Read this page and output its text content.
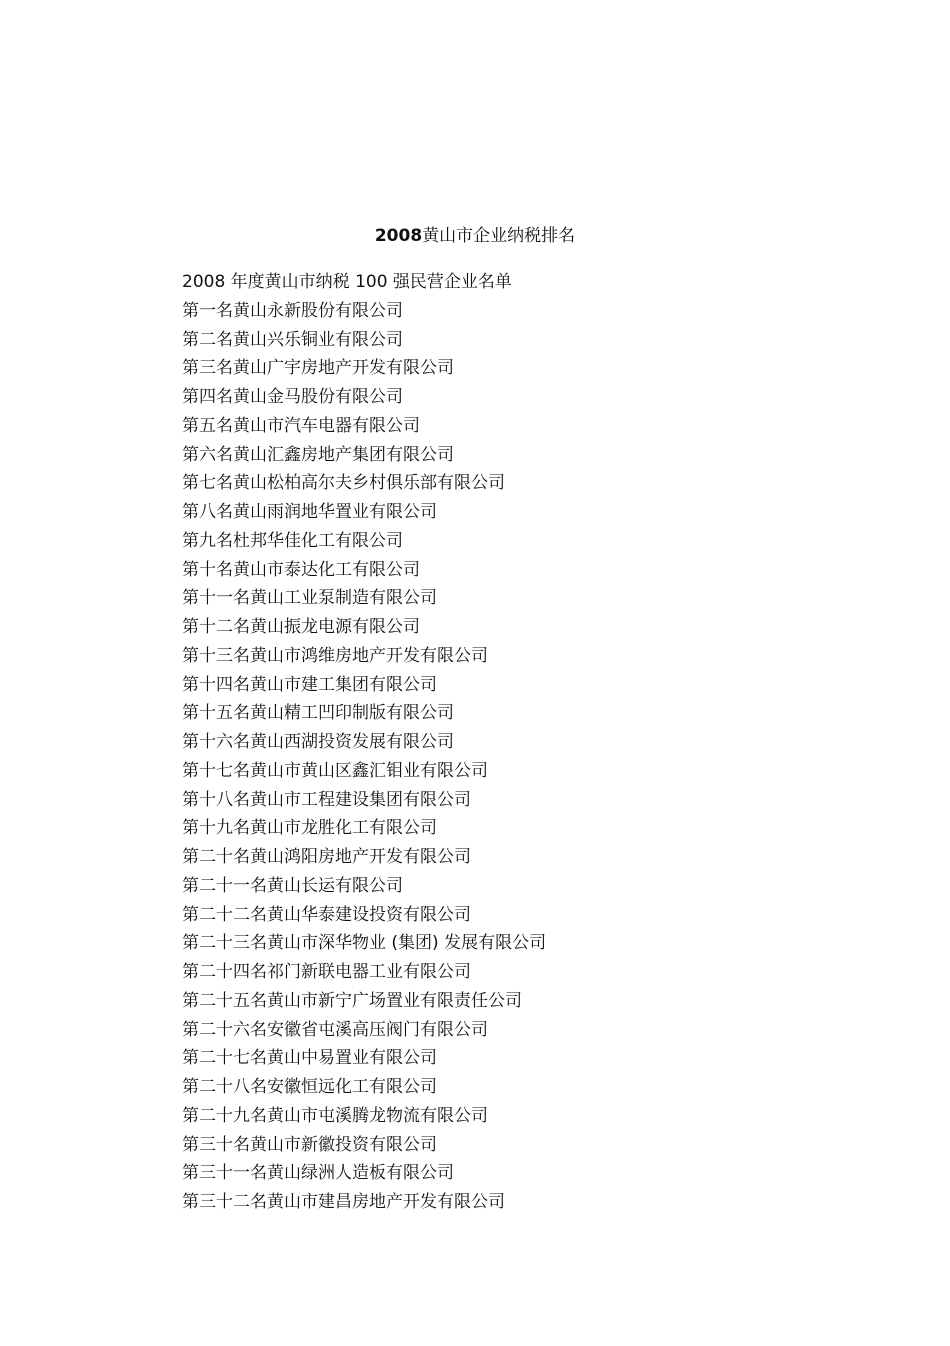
2008黄山市企业纳税排名
2008 年度黄山市纳税 100 强民营企业名单
第一名黄山永新股份有限公司
第二名黄山兴乐铜业有限公司
第三名黄山广宇房地产开发有限公司
第四名黄山金马股份有限公司
第五名黄山市汽车电器有限公司
第六名黄山汇鑫房地产集团有限公司
第七名黄山松柏高尔夫乡村俱乐部有限公司
第八名黄山雨润地华置业有限公司
第九名杜邦华佳化工有限公司
第十名黄山市泰达化工有限公司
第十一名黄山工业泵制造有限公司
第十二名黄山振龙电源有限公司
第十三名黄山市鸿维房地产开发有限公司
第十四名黄山市建工集团有限公司
第十五名黄山精工凹印制版有限公司
第十六名黄山西湖投资发展有限公司
第十七名黄山市黄山区鑫汇钼业有限公司
第十八名黄山市工程建设集团有限公司
第十九名黄山市龙胜化工有限公司
第二十名黄山鸿阳房地产开发有限公司
第二十一名黄山长运有限公司
第二十二名黄山华泰建设投资有限公司
第二十三名黄山市深华物业 (集团) 发展有限公司
第二十四名祁门新联电器工业有限公司
第二十五名黄山市新宁广场置业有限责任公司
第二十六名安徽省屯溪高压阀门有限公司
第二十七名黄山中易置业有限公司
第二十八名安徽恒远化工有限公司
第二十九名黄山市屯溪腾龙物流有限公司
第三十名黄山市新徽投资有限公司
第三十一名黄山绿洲人造板有限公司
第三十二名黄山市建昌房地产开发有限公司
